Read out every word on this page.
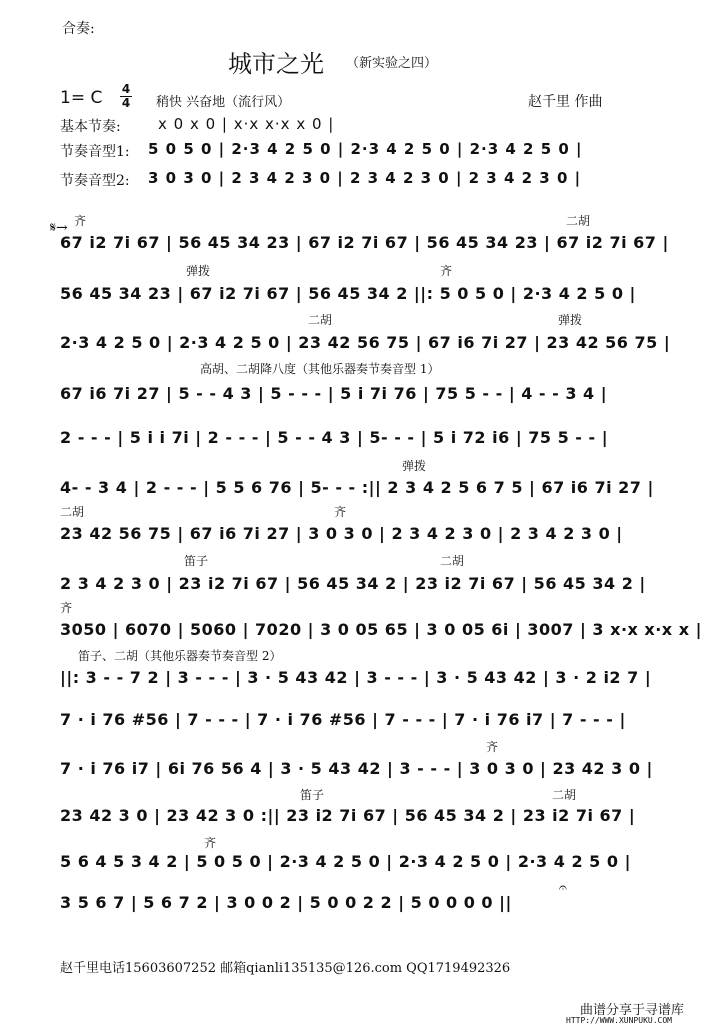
合奏:
城市之光 （新实验之四）
1= C 4
4 稍快 兴奋地（流行风）	赵千里 作曲
基本节奏: x 0 x 0 | x·x x·x x 0 |
节奏音型1: 5 0 5 0 | 2·3 4 2 5 0 | 2·3 4 2 5 0 | 2·3 4 2 5 0 |
节奏音型2: 3 0 3 0 | 2 3 4 2 3 0 | 2 3 4 2 3 0 | 2 3 4 2 3 0 |
𝄋→ 齐	二胡
弹拨	齐
二胡	弹拨
高胡、二胡降八度（其他乐器奏节奏音型 1）
弹拨
二胡	齐
笛子	二胡
齐
笛子、二胡（其他乐器奏节奏音型 2）
齐
笛子	二胡
齐
67 i2 7i 67 | 56 45 34 23 | 67 i2 7i 67 | 56 45 34 23 | 67 i2 7i 67 |
56 45 34 23 | 67 i2 7i 67 | 56 45 34 2 ||: 5 0 5 0 | 2·3 4 2 5 0 |
2·3 4 2 5 0 | 2·3 4 2 5 0 | 23 42 56 75 | 67 i6 7i 27 | 23 42 56 75 |
67 i6 7i 27 | 5 - - 4 3 | 5 - - - | 5 i 7i 76 | 75 5 - - | 4 - - 3 4 |
2 - - - | 5 i i 7i | 2 - - - | 5 - - 4 3 | 5- - - | 5 i 72 i6 | 75 5 - - |
4- - 3 4 | 2 - - - | 5 5 6 76 | 5- - - :|| 2 3 4 2 5 6 7 5 | 67 i6 7i 27 |
23 42 56 75 | 67 i6 7i 27 | 3 0 3 0 | 2 3 4 2 3 0 | 2 3 4 2 3 0 |
2 3 4 2 3 0 | 23 i2 7i 67 | 56 45 34 2 | 23 i2 7i 67 | 56 45 34 2 |
3050 | 6070 | 5060 | 7020 | 3 0 05 65 | 3 0 05 6i | 3007 | 3 x·x x·x x |
||: 3 - - 7 2 | 3 - - - | 3 · 5 43 42 | 3 - - - | 3 · 5 43 42 | 3 · 2 i2 7 |
7 · i 76 #56 | 7 - - - | 7 · i 76 #56 | 7 - - - | 7 · i 76 i7 | 7 - - - |
7 · i 76 i7 | 6i 76 56 4 | 3 · 5 43 42 | 3 - - - | 3 0 3 0 | 23 42 3 0 |
23 42 3 0 | 23 42 3 0 :|| 23 i2 7i 67 | 56 45 34 2 | 23 i2 7i 67 |
5 6 4 5 3 4 2 | 5 0 5 0 | 2·3 4 2 5 0 | 2·3 4 2 5 0 | 2·3 4 2 5 0 |
3 5 6 7 | 5 6 7 2 | 3 0 0 2 | 5 0 0 2 2 | 5 0 0 0 0 ||
𝄐
赵千里电话15603607252 邮箱qianli135135@126.com QQ1719492326
曲谱分享于寻谱库
HTTP://WWW.XUNPUKU.COM
